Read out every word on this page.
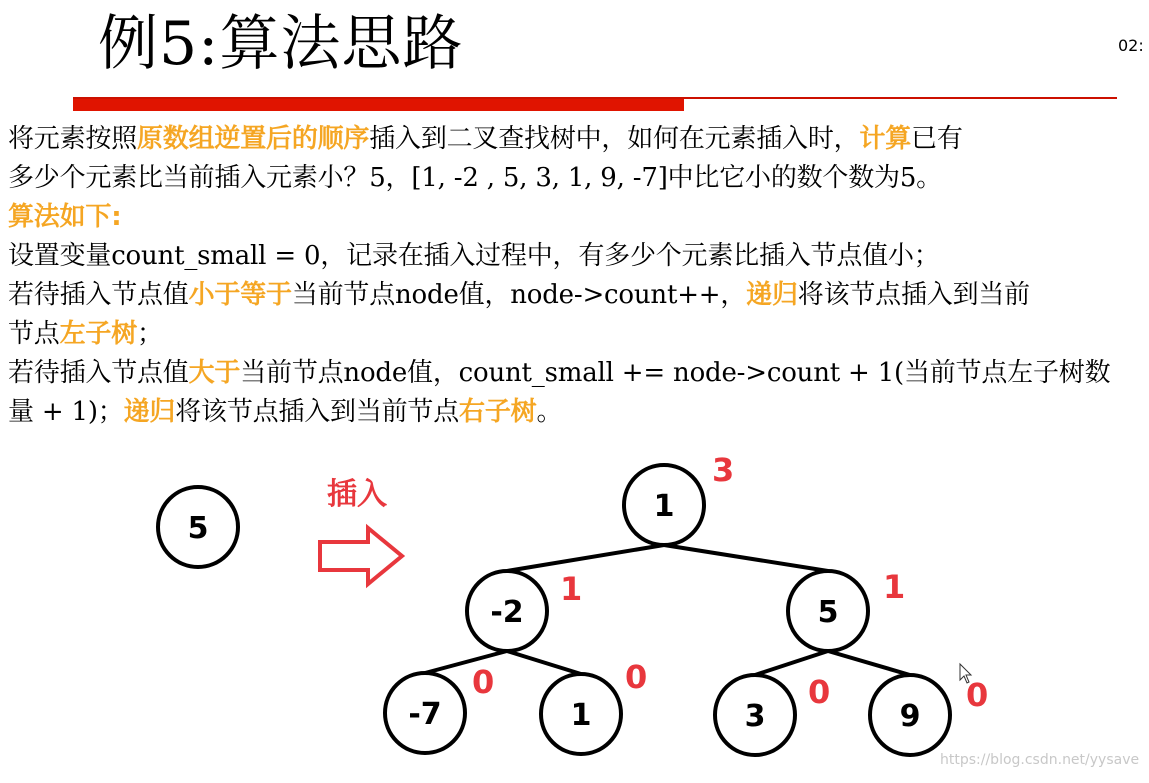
例5:算法思路	02:
将元素按照原数组逆置后的顺序插入到二叉查找树中，如何在元素插入时，计算已有
多少个元素比当前插入元素小？5，[1, -2 , 5, 3, 1, 9, -7]中比它小的数个数为5。
算法如下:
设置变量count_small = 0，记录在插入过程中，有多少个元素比插入节点值小；
若待插入节点值小于等于当前节点node值，node->count++，递归将该节点插入到当前
节点左子树；
若待插入节点值大于当前节点node值，count_small += node->count + 1(当前节点左子树数
量 + 1)；递归将该节点插入到当前节点右子树。
5
插入	1
3
-2
1
5
1
-7
0
1
0
3
0
9
0
https://blog.csdn.net/yysave
